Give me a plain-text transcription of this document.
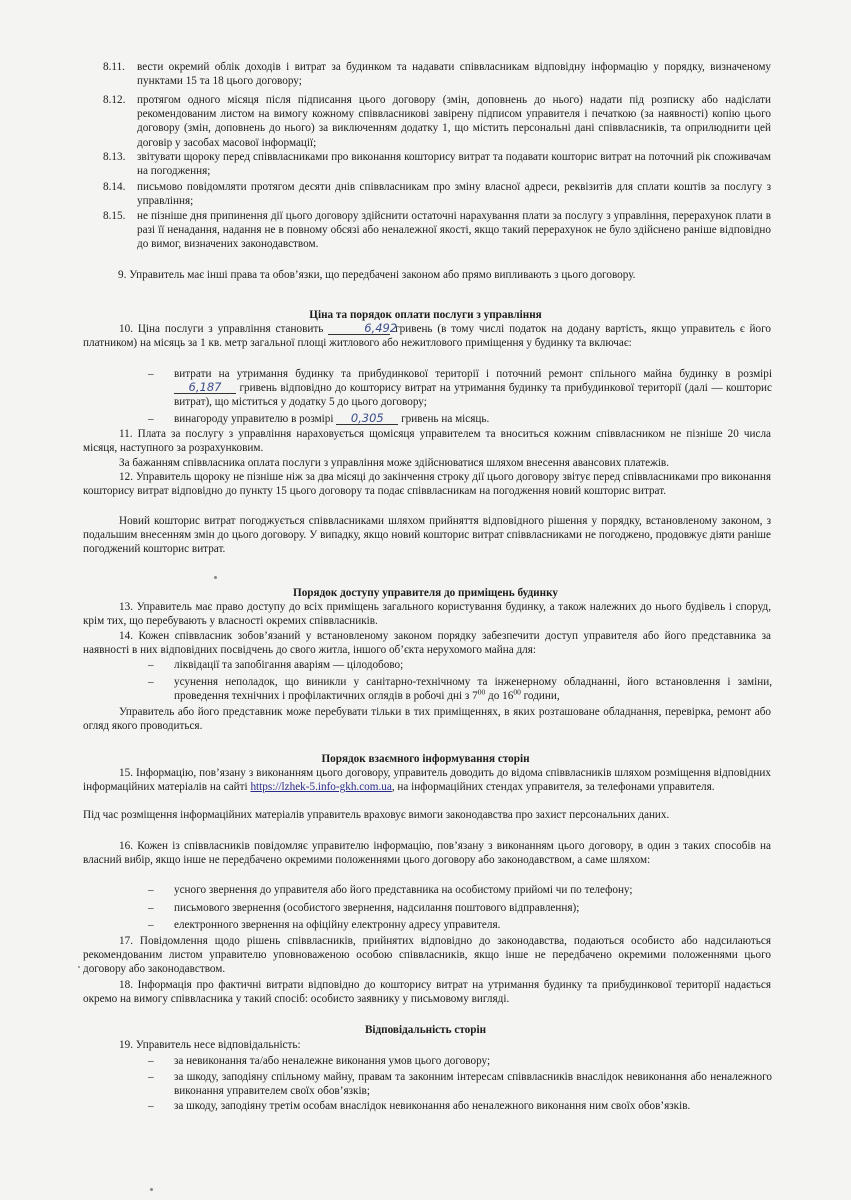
8.11. вести окремий облік доходів і витрат за будинком та надавати співвласникам відповідну інформацію у порядку, визначеному пунктами 15 та 18 цього договору;
8.12. протягом одного місяця після підписання цього договору (змін, доповнень до нього) надати під розписку або надіслати рекомендованим листом на вимогу кожному співвласникові завірену підписом управителя і печаткою (за наявності) копію цього договору (змін, доповнень до нього) за виключенням додатку 1, що містить персональні дані співвласників, та оприлюднити цей договір у засобах масової інформації;
8.13. звітувати щороку перед співвласниками про виконання кошторису витрат та подавати кошторис витрат на поточний рік споживачам на погодження;
8.14. письмово повідомляти протягом десяти днів співвласникам про зміну власної адреси, реквізитів для сплати коштів за послугу з управління;
8.15. не пізніше дня припинення дії цього договору здійснити остаточні нарахування плати за послугу з управління, перерахунок плати в разі її ненадання, надання не в повному обсязі або неналежної якості, якщо такий перерахунок не було здійснено раніше відповідно до вимог, визначених законодавством.
9. Управитель має інші права та обов’язки, що передбачені законом або прямо випливають з цього договору.
Ціна та порядок оплати послуги з управління
10. Ціна послуги з управління становить	6,492 гривень (в тому числі податок на додану вартість, якщо управитель є його платником) на місяць за 1 кв. метр загальної площі житлового або нежитлового приміщення у будинку та включає:
– витрати на утримання будинку та прибудинкової території і поточний ремонт спільного майна будинку в розмірі 6,187 гривень відповідно до кошторису витрат на утримання будинку та прибудинкової території (далі — кошторис витрат), що міститься у додатку 5 до цього договору;
– винагороду управителю в розмірі 0,305 гривень на місяць.
11. Плата за послугу з управління нараховується щомісяця управителем та вноситься кожним співвласником не пізніше 20 числа місяця, наступного за розрахунковим.
За бажанням співвласника оплата послуги з управління може здійснюватися шляхом внесення авансових платежів.
12. Управитель щороку не пізніше ніж за два місяці до закінчення строку дії цього договору звітує перед співвласниками про виконання кошторису витрат відповідно до пункту 15 цього договору та подає співвласникам на погодження новий кошторис витрат.
Новий кошторис витрат погоджується співвласниками шляхом прийняття відповідного рішення у порядку, встановленому законом, з подальшим внесенням змін до цього договору. У випадку, якщо новий кошторис витрат співвласниками не погоджено, продовжує діяти раніше погоджений кошторис витрат.
Порядок доступу управителя до приміщень будинку
13. Управитель має право доступу до всіх приміщень загального користування будинку, а також належних до нього будівель і споруд, крім тих, що перебувають у власності окремих співвласників.
14. Кожен співвласник зобов’язаний у встановленому законом порядку забезпечити доступ управителя або його представника за наявності в них відповідних посвідчень до свого житла, іншого об’єкта нерухомого майна для:
– ліквідації та запобігання аваріям — цілодобово;
– усунення неполадок, що виникли у санітарно-технічному та інженерному обладнанні, його встановлення і заміни, проведення технічних і профілактичних оглядів в робочі дні з $7^{00}$ до $16^{00}$ години,
Управитель або його представник може перебувати тільки в тих приміщеннях, в яких розташоване обладнання, перевірка, ремонт або огляд якого проводиться.
Порядок взаємного інформування сторін
15. Інформацію, пов’язану з виконанням цього договору, управитель доводить до відома співвласників шляхом розміщення відповідних інформаційних матеріалів на сайті https://lzhek-5.info-gkh.com.ua, на інформаційних стендах управителя, за телефонами управителя.
Під час розміщення інформаційних матеріалів управитель враховує вимоги законодавства про захист персональних даних.
16. Кожен із співвласників повідомляє управителю інформацію, пов’язану з виконанням цього договору, в один з таких способів на власний вибір, якщо інше не передбачено окремими положеннями цього договору або законодавством, а саме шляхом:
– усного звернення до управителя або його представника на особистому прийомі чи по телефону;
– письмового звернення (особистого звернення, надсилання поштового відправлення);
– електронного звернення на офіційну електронну адресу управителя.
17. Повідомлення щодо рішень співвласників, прийнятих відповідно до законодавства, подаються особисто або надсилаються рекомендованим листом управителю уповноваженою особою співвласників, якщо інше не передбачено окремими положеннями цього договору або законодавством.
18. Інформація про фактичні витрати відповідно до кошторису витрат на утримання будинку та прибудинкової території надається окремо на вимогу співвласника у такий спосіб: особисто заявнику у письмовому вигляді.
Відповідальність сторін
19. Управитель несе відповідальність:
– за невиконання та/або неналежне виконання умов цього договору;
– за шкоду, заподіяну спільному майну, правам та законним інтересам співвласників внаслідок невиконання або неналежного виконання управителем своїх обов’язків;
– за шкоду, заподіяну третім особам внаслідок невиконання або неналежного виконання ним своїх обов’язків.
